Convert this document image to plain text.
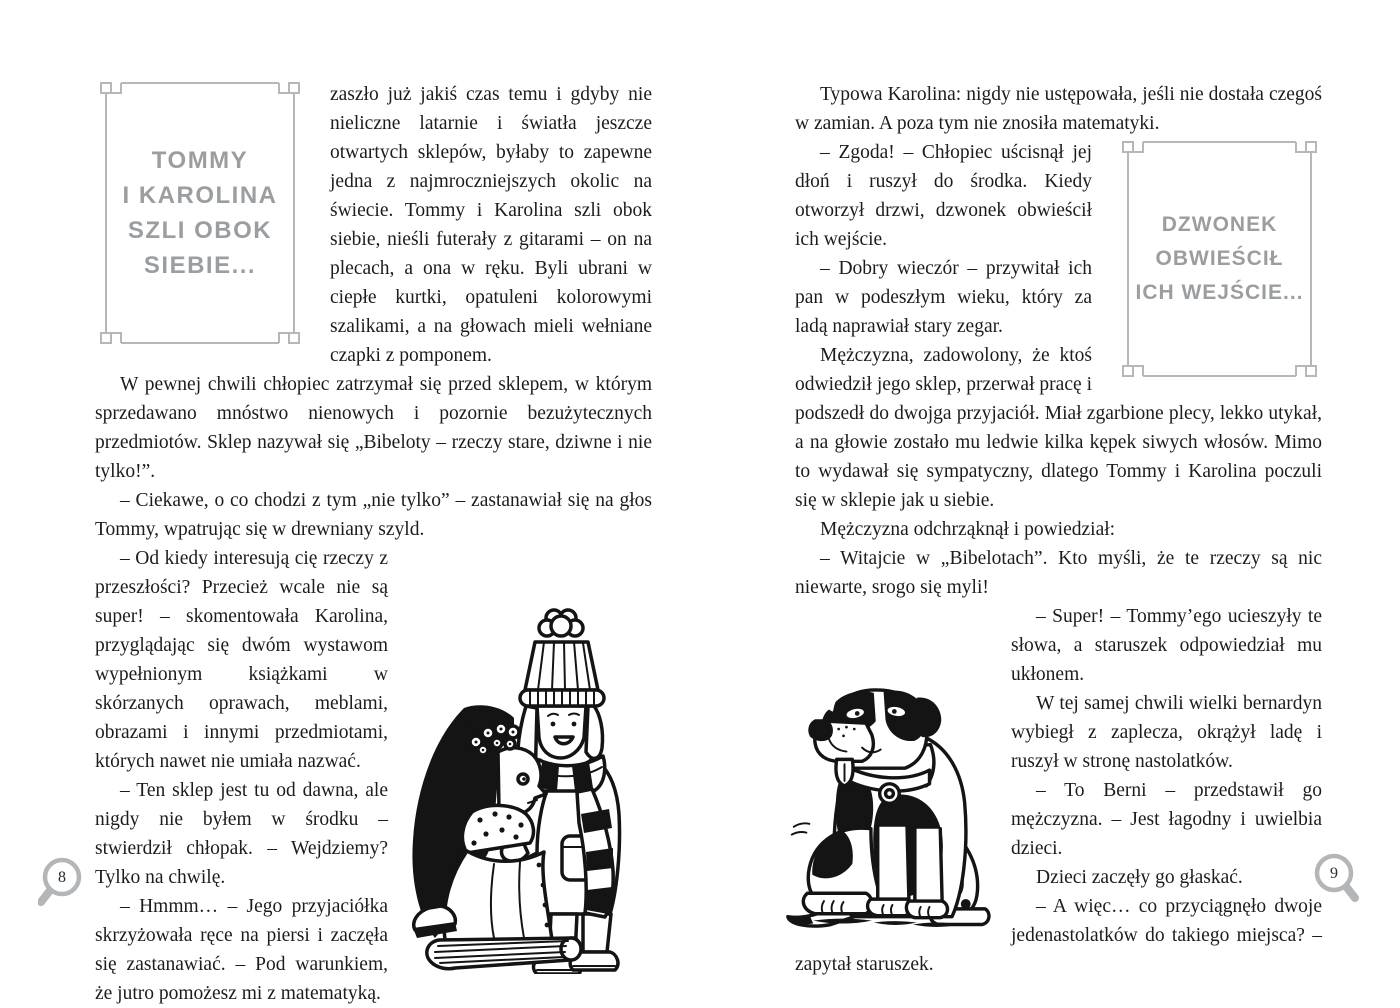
TOMMY
I KAROLINA
SZLI OBOK
SIEBIE...

zaszło już jakiś czas temu i gdyby nie nieliczne latarnie i światła jeszcze otwartych sklepów, byłaby to zapewne jedna z najmroczniejszych okolic na świecie. Tommy i Karolina szli obok siebie, nieśli futerały z gitarami – on na plecach, a ona w ręku. Byli ubrani w ciepłe kurtki, opatuleni kolorowymi szalikami, a na głowach mieli wełniane czapki z pomponem.

W pewnej chwili chłopiec zatrzymał się przed sklepem, w którym sprzedawano mnóstwo nienowych i pozornie bezużytecznych przedmiotów. Sklep nazywał się „Bibeloty – rzeczy stare, dziwne i nie tylko!”.

– Ciekawe, o co chodzi z tym „nie tylko” – zastanawiał się na głos Tommy, wpatrując się w drewniany szyld.

– Od kiedy interesują cię rzeczy z przeszłości? Przecież wcale nie są super! – skomentowała Karolina, przyglądając się dwóm wystawom wypełnionym książkami w skórzanych oprawach, meblami, obrazami i innymi przedmiotami, których nawet nie umiała nazwać.

– Ten sklep jest tu od dawna, ale nigdy nie byłem w środku – stwierdził chłopak. – Wejdziemy? Tylko na chwilę.

– Hmmm… – Jego przyjaciółka skrzyżowała ręce na piersi i zaczęła się zastanawiać. – Pod warunkiem, że jutro pomożesz mi z matematyką.

Typowa Karolina: nigdy nie ustępowała, jeśli nie dostała czegoś w zamian. A poza tym nie znosiła matematyki.

DZWONEK
OBWIEŚCIŁ
ICH WEJŚCIE...

– Zgoda! – Chłopiec uścisnął jej dłoń i ruszył do środka. Kiedy otworzył drzwi, dzwonek obwieścił ich wejście.

– Dobry wieczór – przywitał ich pan w podeszłym wieku, który za ladą naprawiał stary zegar.

Mężczyzna, zadowolony, że ktoś odwiedził jego sklep, przerwał pracę i podszedł do dwojga przyjaciół. Miał zgarbione plecy, lekko utykał, a na głowie zostało mu ledwie kilka kępek siwych włosów. Mimo to wydawał się sympatyczny, dlatego Tommy i Karolina poczuli się w sklepie jak u siebie.

Mężczyzna odchrząknął i powiedział:

– Witajcie w „Bibelotach”. Kto myśli, że te rzeczy są nic niewarte, srogo się myli!

– Super! – Tommy’ego ucieszyły te słowa, a staruszek odpowiedział mu ukłonem.

W tej samej chwili wielki bernardyn wybiegł z zaplecza, okrążył ladę i ruszył w stronę nastolatków.

– To Berni – przedstawił go mężczyzna. – Jest łagodny i uwielbia dzieci.

Dzieci zaczęły go głaskać.

– A więc… co przyciągnęło dwoje jedenastolatków do takiego miejsca? – zapytał staruszek.

8	9
